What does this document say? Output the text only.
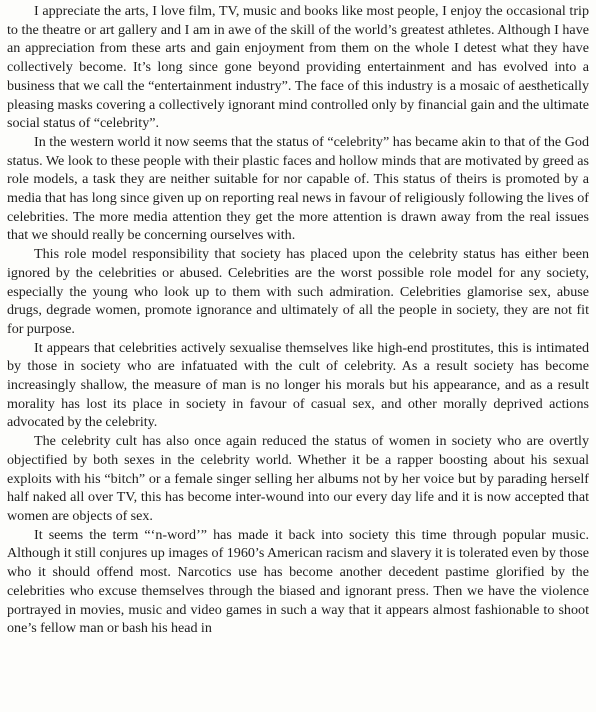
I appreciate the arts, I love film, TV, music and books like most people, I enjoy the occasional trip to the theatre or art gallery and I am in awe of the skill of the world’s greatest athletes. Although I have an appreciation from these arts and gain enjoyment from them on the whole I detest what they have collectively become. It’s long since gone beyond providing entertainment and has evolved into a business that we call the “entertainment industry”. The face of this industry is a mosaic of aesthetically pleasing masks covering a collectively ignorant mind controlled only by financial gain and the ultimate social status of “celebrity”.

In the western world it now seems that the status of “celebrity” has became akin to that of the God status. We look to these people with their plastic faces and hollow minds that are motivated by greed as role models, a task they are neither suitable for nor capable of. This status of theirs is promoted by a media that has long since given up on reporting real news in favour of religiously following the lives of celebrities. The more media attention they get the more attention is drawn away from the real issues that we should really be concerning ourselves with.

This role model responsibility that society has placed upon the celebrity status has either been ignored by the celebrities or abused. Celebrities are the worst possible role model for any society, especially the young who look up to them with such admiration. Celebrities glamorise sex, abuse drugs, degrade women, promote ignorance and ultimately of all the people in society, they are not fit for purpose.

It appears that celebrities actively sexualise themselves like high-end prostitutes, this is intimated by those in society who are infatuated with the cult of celebrity. As a result society has become increasingly shallow, the measure of man is no longer his morals but his appearance, and as a result morality has lost its place in society in favour of casual sex, and other morally deprived actions advocated by the celebrity.

The celebrity cult has also once again reduced the status of women in society who are overtly objectified by both sexes in the celebrity world. Whether it be a rapper boosting about his sexual exploits with his “bitch” or a female singer selling her albums not by her voice but by parading herself half naked all over TV, this has become inter-wound into our every day life and it is now accepted that women are objects of sex.

It seems the term “‘n-word’” has made it back into society this time through popular music. Although it still conjures up images of 1960’s American racism and slavery it is tolerated even by those who it should offend most. Narcotics use has become another decedent pastime glorified by the celebrities who excuse themselves through the biased and ignorant press. Then we have the violence portrayed in movies, music and video games in such a way that it appears almost fashionable to shoot one’s fellow man or bash his head in
